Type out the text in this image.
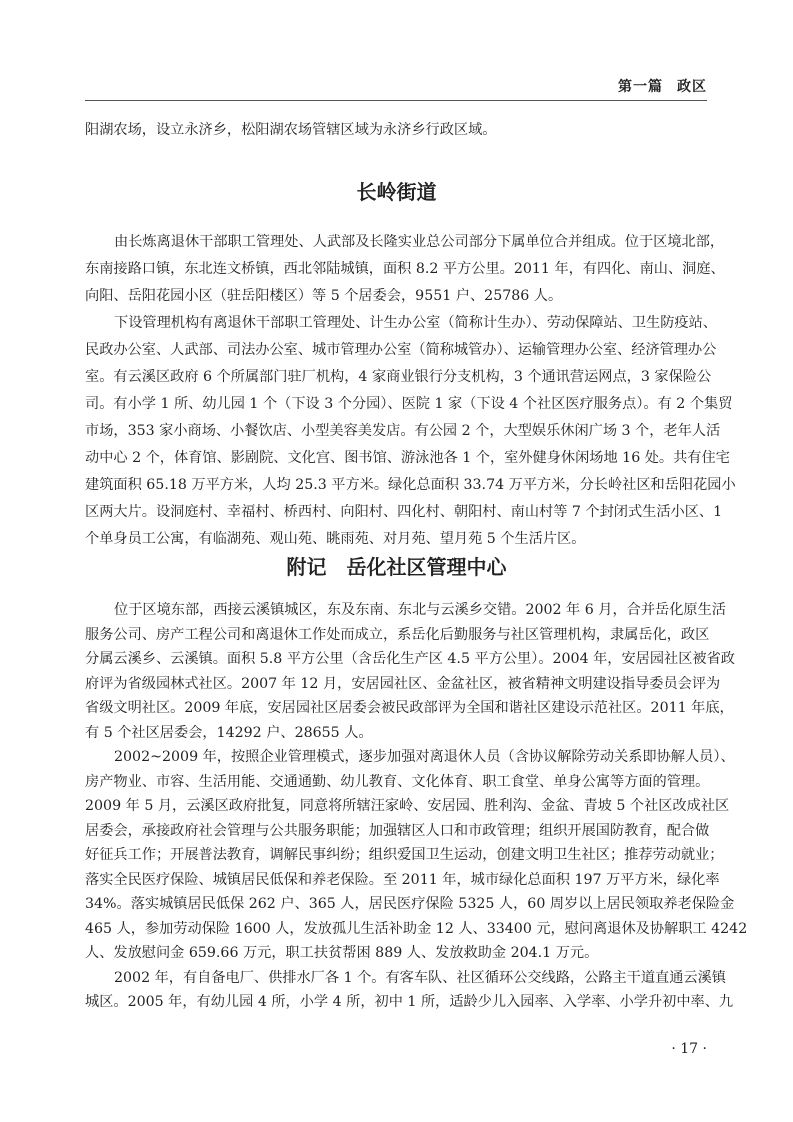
第一篇 政区
阳湖农场，设立永济乡，松阳湖农场管辖区域为永济乡行政区域。
长岭街道
由长炼离退休干部职工管理处、人武部及长隆实业总公司部分下属单位合并组成。位于区境北部，
东南接路口镇，东北连文桥镇，西北邻陆城镇，面积 8.2 平方公里。2011 年，有四化、南山、洞庭、
向阳、岳阳花园小区（驻岳阳楼区）等 5 个居委会，9551 户、25786 人。
下设管理机构有离退休干部职工管理处、计生办公室（简称计生办）、劳动保障站、卫生防疫站、
民政办公室、人武部、司法办公室、城市管理办公室（简称城管办）、运输管理办公室、经济管理办公
室。有云溪区政府 6 个所属部门驻厂机构，4 家商业银行分支机构，3 个通讯营运网点，3 家保险公
司。有小学 1 所、幼儿园 1 个（下设 3 个分园）、医院 1 家（下设 4 个社区医疗服务点）。有 2 个集贸
市场，353 家小商场、小餐饮店、小型美容美发店。有公园 2 个，大型娱乐休闲广场 3 个，老年人活
动中心 2 个，体育馆、影剧院、文化宫、图书馆、游泳池各 1 个，室外健身休闲场地 16 处。共有住宅
建筑面积 65.18 万平方米，人均 25.3 平方米。绿化总面积 33.74 万平方米，分长岭社区和岳阳花园小
区两大片。设洞庭村、幸福村、桥西村、向阳村、四化村、朝阳村、南山村等 7 个封闭式生活小区、1
个单身员工公寓，有临湖苑、观山苑、眺雨苑、对月苑、望月苑 5 个生活片区。
附记 岳化社区管理中心
位于区境东部，西接云溪镇城区，东及东南、东北与云溪乡交错。2002 年 6 月，合并岳化原生活
服务公司、房产工程公司和离退休工作处而成立，系岳化后勤服务与社区管理机构，隶属岳化，政区
分属云溪乡、云溪镇。面积 5.8 平方公里（含岳化生产区 4.5 平方公里）。2004 年，安居园社区被省政
府评为省级园林式社区。2007 年 12 月，安居园社区、金盆社区，被省精神文明建设指导委员会评为
省级文明社区。2009 年底，安居园社区居委会被民政部评为全国和谐社区建设示范社区。2011 年底，
有 5 个社区居委会，14292 户、28655 人。
2002~2009 年，按照企业管理模式，逐步加强对离退休人员（含协议解除劳动关系即协解人员）、
房产物业、市容、生活用能、交通通勤、幼儿教育、文化体育、职工食堂、单身公寓等方面的管理。
2009 年 5 月，云溪区政府批复，同意将所辖汪家岭、安居园、胜利沟、金盆、青坡 5 个社区改成社区
居委会，承接政府社会管理与公共服务职能；加强辖区人口和市政管理；组织开展国防教育，配合做
好征兵工作；开展普法教育，调解民事纠纷；组织爱国卫生运动，创建文明卫生社区；推荐劳动就业；
落实全民医疗保险、城镇居民低保和养老保险。至 2011 年，城市绿化总面积 197 万平方米，绿化率
34%。落实城镇居民低保 262 户、365 人，居民医疗保险 5325 人，60 周岁以上居民领取养老保险金
465 人，参加劳动保险 1600 人，发放孤儿生活补助金 12 人、33400 元，慰问离退休及协解职工 4242
人、发放慰问金 659.66 万元，职工扶贫帮困 889 人、发放救助金 204.1 万元。
2002 年，有自备电厂、供排水厂各 1 个。有客车队、社区循环公交线路，公路主干道直通云溪镇
城区。2005 年，有幼儿园 4 所，小学 4 所，初中 1 所，适龄少儿入园率、入学率、小学升初中率、九
· 17 ·
